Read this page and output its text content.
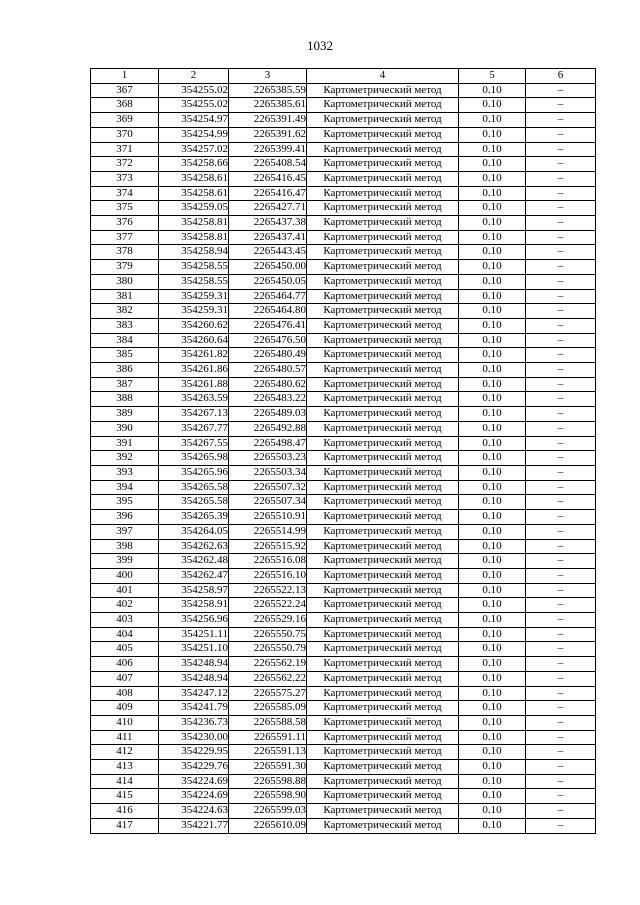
1032
1	2	3	4	5	6
367	354255.02	2265385.59	Картометрический метод	0.10	–
368	354255.02	2265385.61	Картометрический метод	0.10	–
369	354254.97	2265391.49	Картометрический метод	0.10	–
370	354254.99	2265391.62	Картометрический метод	0.10	–
371	354257.02	2265399.41	Картометрический метод	0.10	–
372	354258.66	2265408.54	Картометрический метод	0.10	–
373	354258.61	2265416.45	Картометрический метод	0.10	–
374	354258.61	2265416.47	Картометрический метод	0.10	–
375	354259.05	2265427.71	Картометрический метод	0.10	–
376	354258.81	2265437.38	Картометрический метод	0.10	–
377	354258.81	2265437.41	Картометрический метод	0.10	–
378	354258.94	2265443.45	Картометрический метод	0.10	–
379	354258.55	2265450.00	Картометрический метод	0.10	–
380	354258.55	2265450.05	Картометрический метод	0.10	–
381	354259.31	2265464.77	Картометрический метод	0.10	–
382	354259.31	2265464.80	Картометрический метод	0.10	–
383	354260.62	2265476.41	Картометрический метод	0.10	–
384	354260.64	2265476.50	Картометрический метод	0.10	–
385	354261.82	2265480.49	Картометрический метод	0.10	–
386	354261.86	2265480.57	Картометрический метод	0.10	–
387	354261.88	2265480.62	Картометрический метод	0.10	–
388	354263.59	2265483.22	Картометрический метод	0.10	–
389	354267.13	2265489.03	Картометрический метод	0.10	–
390	354267.77	2265492.88	Картометрический метод	0.10	–
391	354267.55	2265498.47	Картометрический метод	0.10	–
392	354265.98	2265503.23	Картометрический метод	0.10	–
393	354265.96	2265503.34	Картометрический метод	0.10	–
394	354265.58	2265507.32	Картометрический метод	0.10	–
395	354265.58	2265507.34	Картометрический метод	0.10	–
396	354265.39	2265510.91	Картометрический метод	0.10	–
397	354264.05	2265514.99	Картометрический метод	0.10	–
398	354262.63	2265515.92	Картометрический метод	0.10	–
399	354262.48	2265516.08	Картометрический метод	0.10	–
400	354262.47	2265516.10	Картометрический метод	0.10	–
401	354258.97	2265522.13	Картометрический метод	0.10	–
402	354258.91	2265522.24	Картометрический метод	0.10	–
403	354256.96	2265529.16	Картометрический метод	0.10	–
404	354251.11	2265550.75	Картометрический метод	0.10	–
405	354251.10	2265550.79	Картометрический метод	0.10	–
406	354248.94	2265562.19	Картометрический метод	0.10	–
407	354248.94	2265562.22	Картометрический метод	0.10	–
408	354247.12	2265575.27	Картометрический метод	0.10	–
409	354241.79	2265585.09	Картометрический метод	0.10	–
410	354236.73	2265588.58	Картометрический метод	0.10	–
411	354230.00	2265591.11	Картометрический метод	0.10	–
412	354229.95	2265591.13	Картометрический метод	0.10	–
413	354229.76	2265591.30	Картометрический метод	0.10	–
414	354224.69	2265598.88	Картометрический метод	0.10	–
415	354224.69	2265598.90	Картометрический метод	0.10	–
416	354224.63	2265599.03	Картометрический метод	0.10	–
417	354221.77	2265610.09	Картометрический метод	0.10	–
